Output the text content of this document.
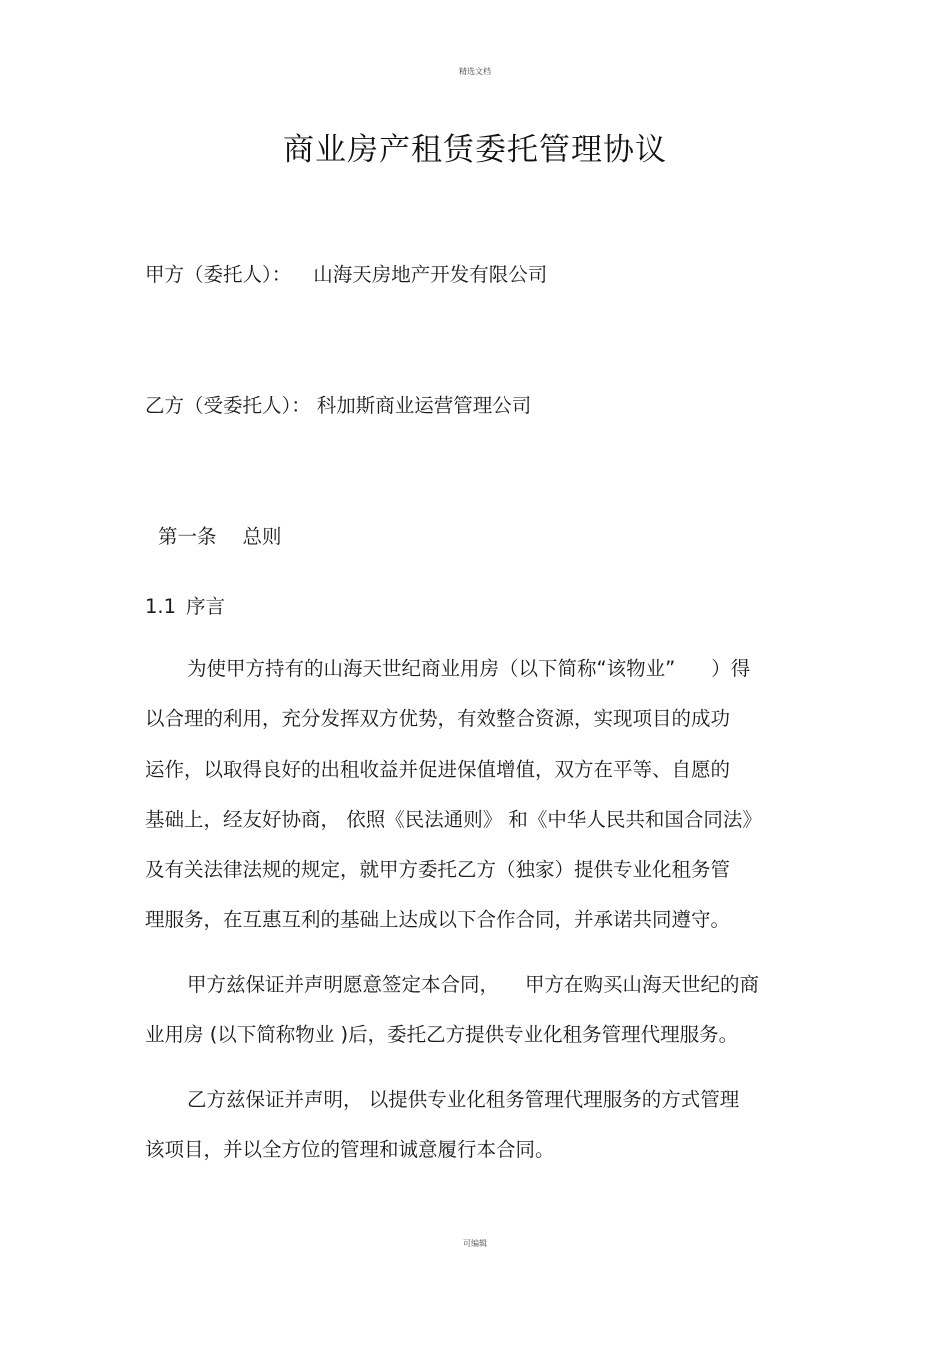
精选文档
商业房产租赁委托管理协议
甲方（委托人）： 山海天房地产开发有限公司
乙方（受委托人）： 科加斯商业运营管理公司
第一条 总则
1.1 序言
为使甲方持有的山海天世纪商业用房（以下简称“该物业” ）得
以合理的利用，充分发挥双方优势，有效整合资源，实现项目的成功
运作，以取得良好的出租收益并促进保值增值，双方在平等、自愿的
基础上，经友好协商， 依照《民法通则》 和《中华人民共和国合同法》
及有关法律法规的规定，就甲方委托乙方（独家）提供专业化租务管
理服务，在互惠互利的基础上达成以下合作合同，并承诺共同遵守。
甲方兹保证并声明愿意签定本合同， 甲方在购买山海天世纪的商
业用房 (以下简称物业 )后，委托乙方提供专业化租务管理代理服务。
乙方兹保证并声明， 以提供专业化租务管理代理服务的方式管理
该项目，并以全方位的管理和诚意履行本合同。
可编辑
